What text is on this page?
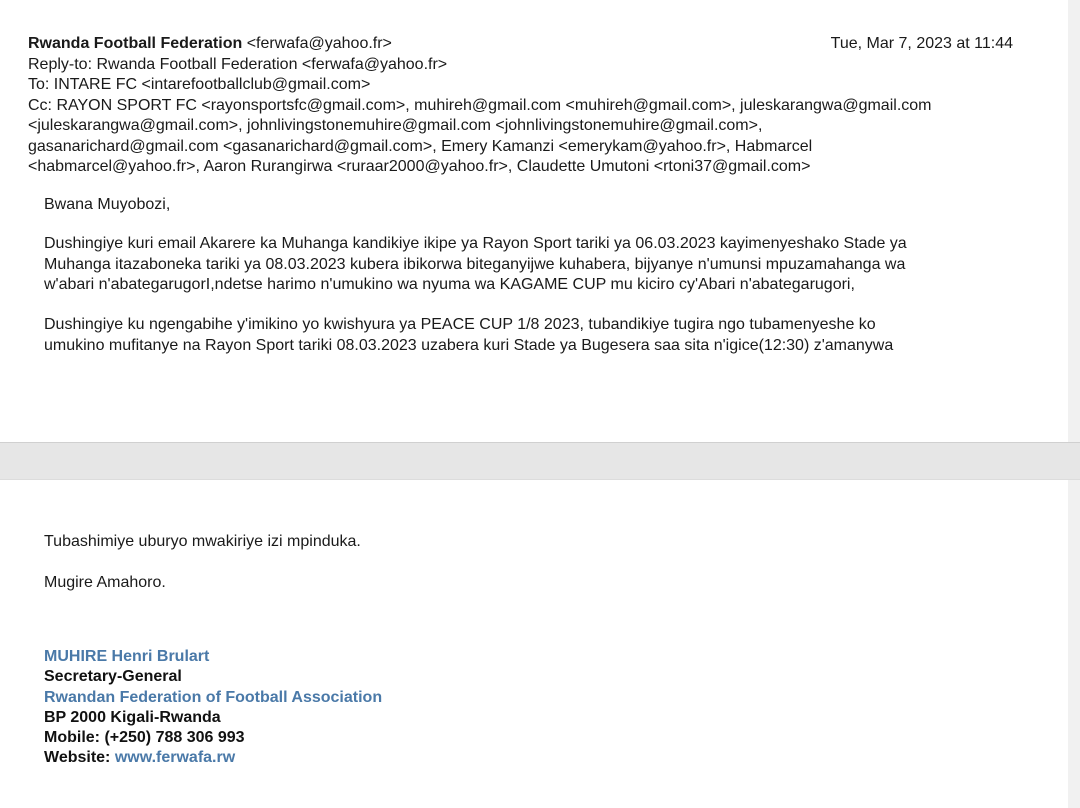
Rwanda Football Federation <ferwafa@yahoo.fr>	Tue, Mar 7, 2023 at 11:44
Reply-to: Rwanda Football Federation <ferwafa@yahoo.fr>
To: INTARE FC <intarefootballclub@gmail.com>
Cc: RAYON SPORT FC <rayonsportsfc@gmail.com>, muhireh@gmail.com <muhireh@gmail.com>, juleskarangwa@gmail.com
<juleskarangwa@gmail.com>, johnlivingstonemuhire@gmail.com <johnlivingstonemuhire@gmail.com>,
gasanarichard@gmail.com <gasanarichard@gmail.com>, Emery Kamanzi <emerykam@yahoo.fr>, Habmarcel
<habmarcel@yahoo.fr>, Aaron Rurangirwa <ruraar2000@yahoo.fr>, Claudette Umutoni <rtoni37@gmail.com>
Bwana Muyobozi,
Dushingiye kuri email Akarere ka Muhanga kandikiye ikipe ya Rayon Sport tariki ya 06.03.2023 kayimenyeshako Stade ya
Muhanga itazaboneka tariki ya 08.03.2023 kubera ibikorwa biteganyijwe kuhabera, bijyanye n'umunsi mpuzamahanga wa
w'abari n'abategarugorI,ndetse harimo n'umukino wa nyuma wa KAGAME CUP mu kiciro cy'Abari n'abategarugori,
Dushingiye ku ngengabihe y'imikino yo kwishyura ya PEACE CUP 1/8 2023, tubandikiye tugira ngo tubamenyeshe ko
umukino mufitanye na Rayon Sport tariki 08.03.2023 uzabera kuri Stade ya Bugesera saa sita n'igice(12:30) z'amanywa
Tubashimiye uburyo mwakiriye izi mpinduka.
Mugire Amahoro.
MUHIRE Henri Brulart
Secretary-General
Rwandan Federation of Football Association
BP 2000 Kigali-Rwanda
Mobile: (+250) 788 306 993
Website: www.ferwafa.rw
